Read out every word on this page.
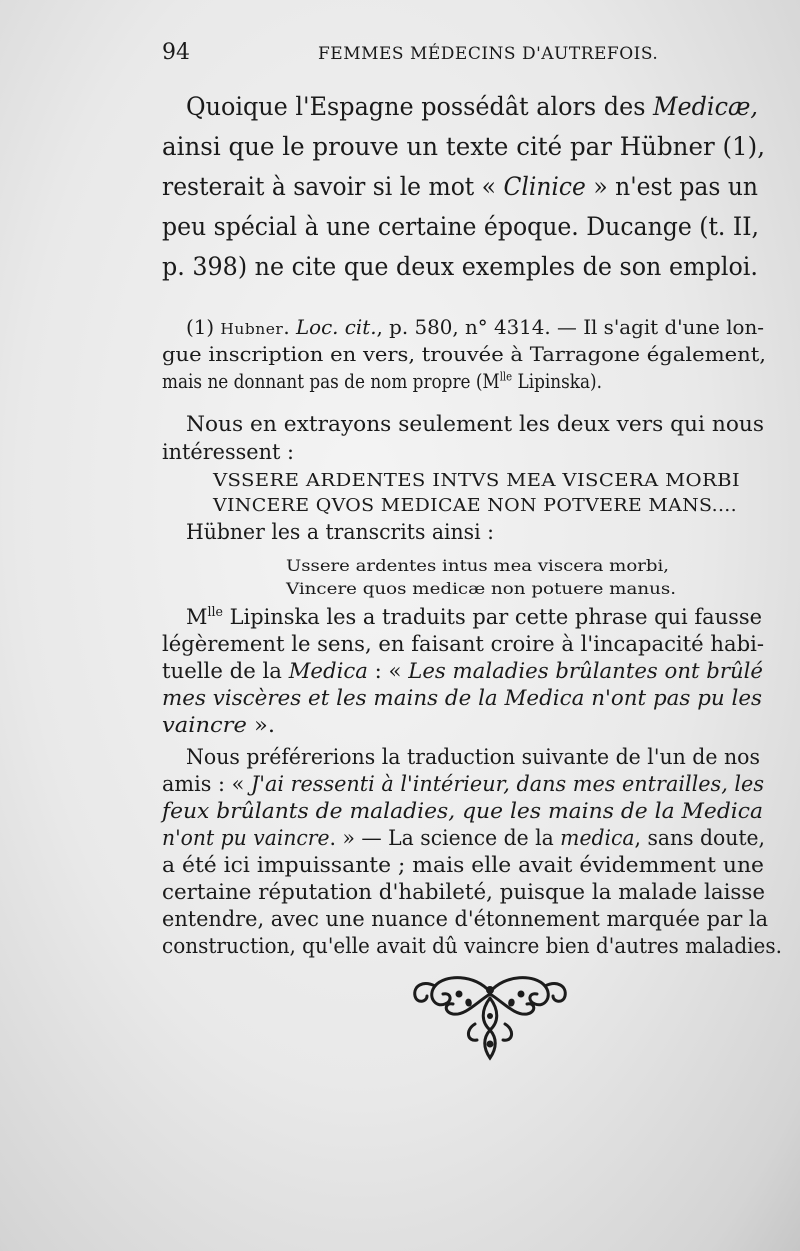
94	FEMMES MÉDECINS D'AUTREFOIS.
Quoique l'Espagne possédât alors des Medicæ,
ainsi que le prouve un texte cité par Hübner (1),
resterait à savoir si le mot « Clinice » n'est pas un
peu spécial à une certaine époque. Ducange (t. II,
p. 398) ne cite que deux exemples de son emploi.
(1) Hubner. Loc. cit., p. 580, n° 4314. — Il s'agit d'une lon-
gue inscription en vers, trouvée à Tarragone également,
mais ne donnant pas de nom propre ($M^{lle}$ Lipinska).
Nous en extrayons seulement les deux vers qui nous
intéressent :
VSSERE ARDENTES INTVS MEA VISCERA MORBI
VINCERE QVOS MEDICAE NON POTVERE MANS....
Hübner les a transcrits ainsi :
Ussere ardentes intus mea viscera morbi,
Vincere quos medicæ non potuere manus.
$M^{lle}$ Lipinska les a traduits par cette phrase qui fausse
légèrement le sens, en faisant croire à l'incapacité habi-
tuelle de la Medica : « Les maladies brûlantes ont brûlé
mes viscères et les mains de la Medica n'ont pas pu les
vaincre ».
Nous préférerions la traduction suivante de l'un de nos
amis : « J'ai ressenti à l'intérieur, dans mes entrailles, les
feux brûlants de maladies, que les mains de la Medica
n'ont pu vaincre. » — La science de la medica, sans doute,
a été ici impuissante ; mais elle avait évidemment une
certaine réputation d'habileté, puisque la malade laisse
entendre, avec une nuance d'étonnement marquée par la
construction, qu'elle avait dû vaincre bien d'autres maladies.
